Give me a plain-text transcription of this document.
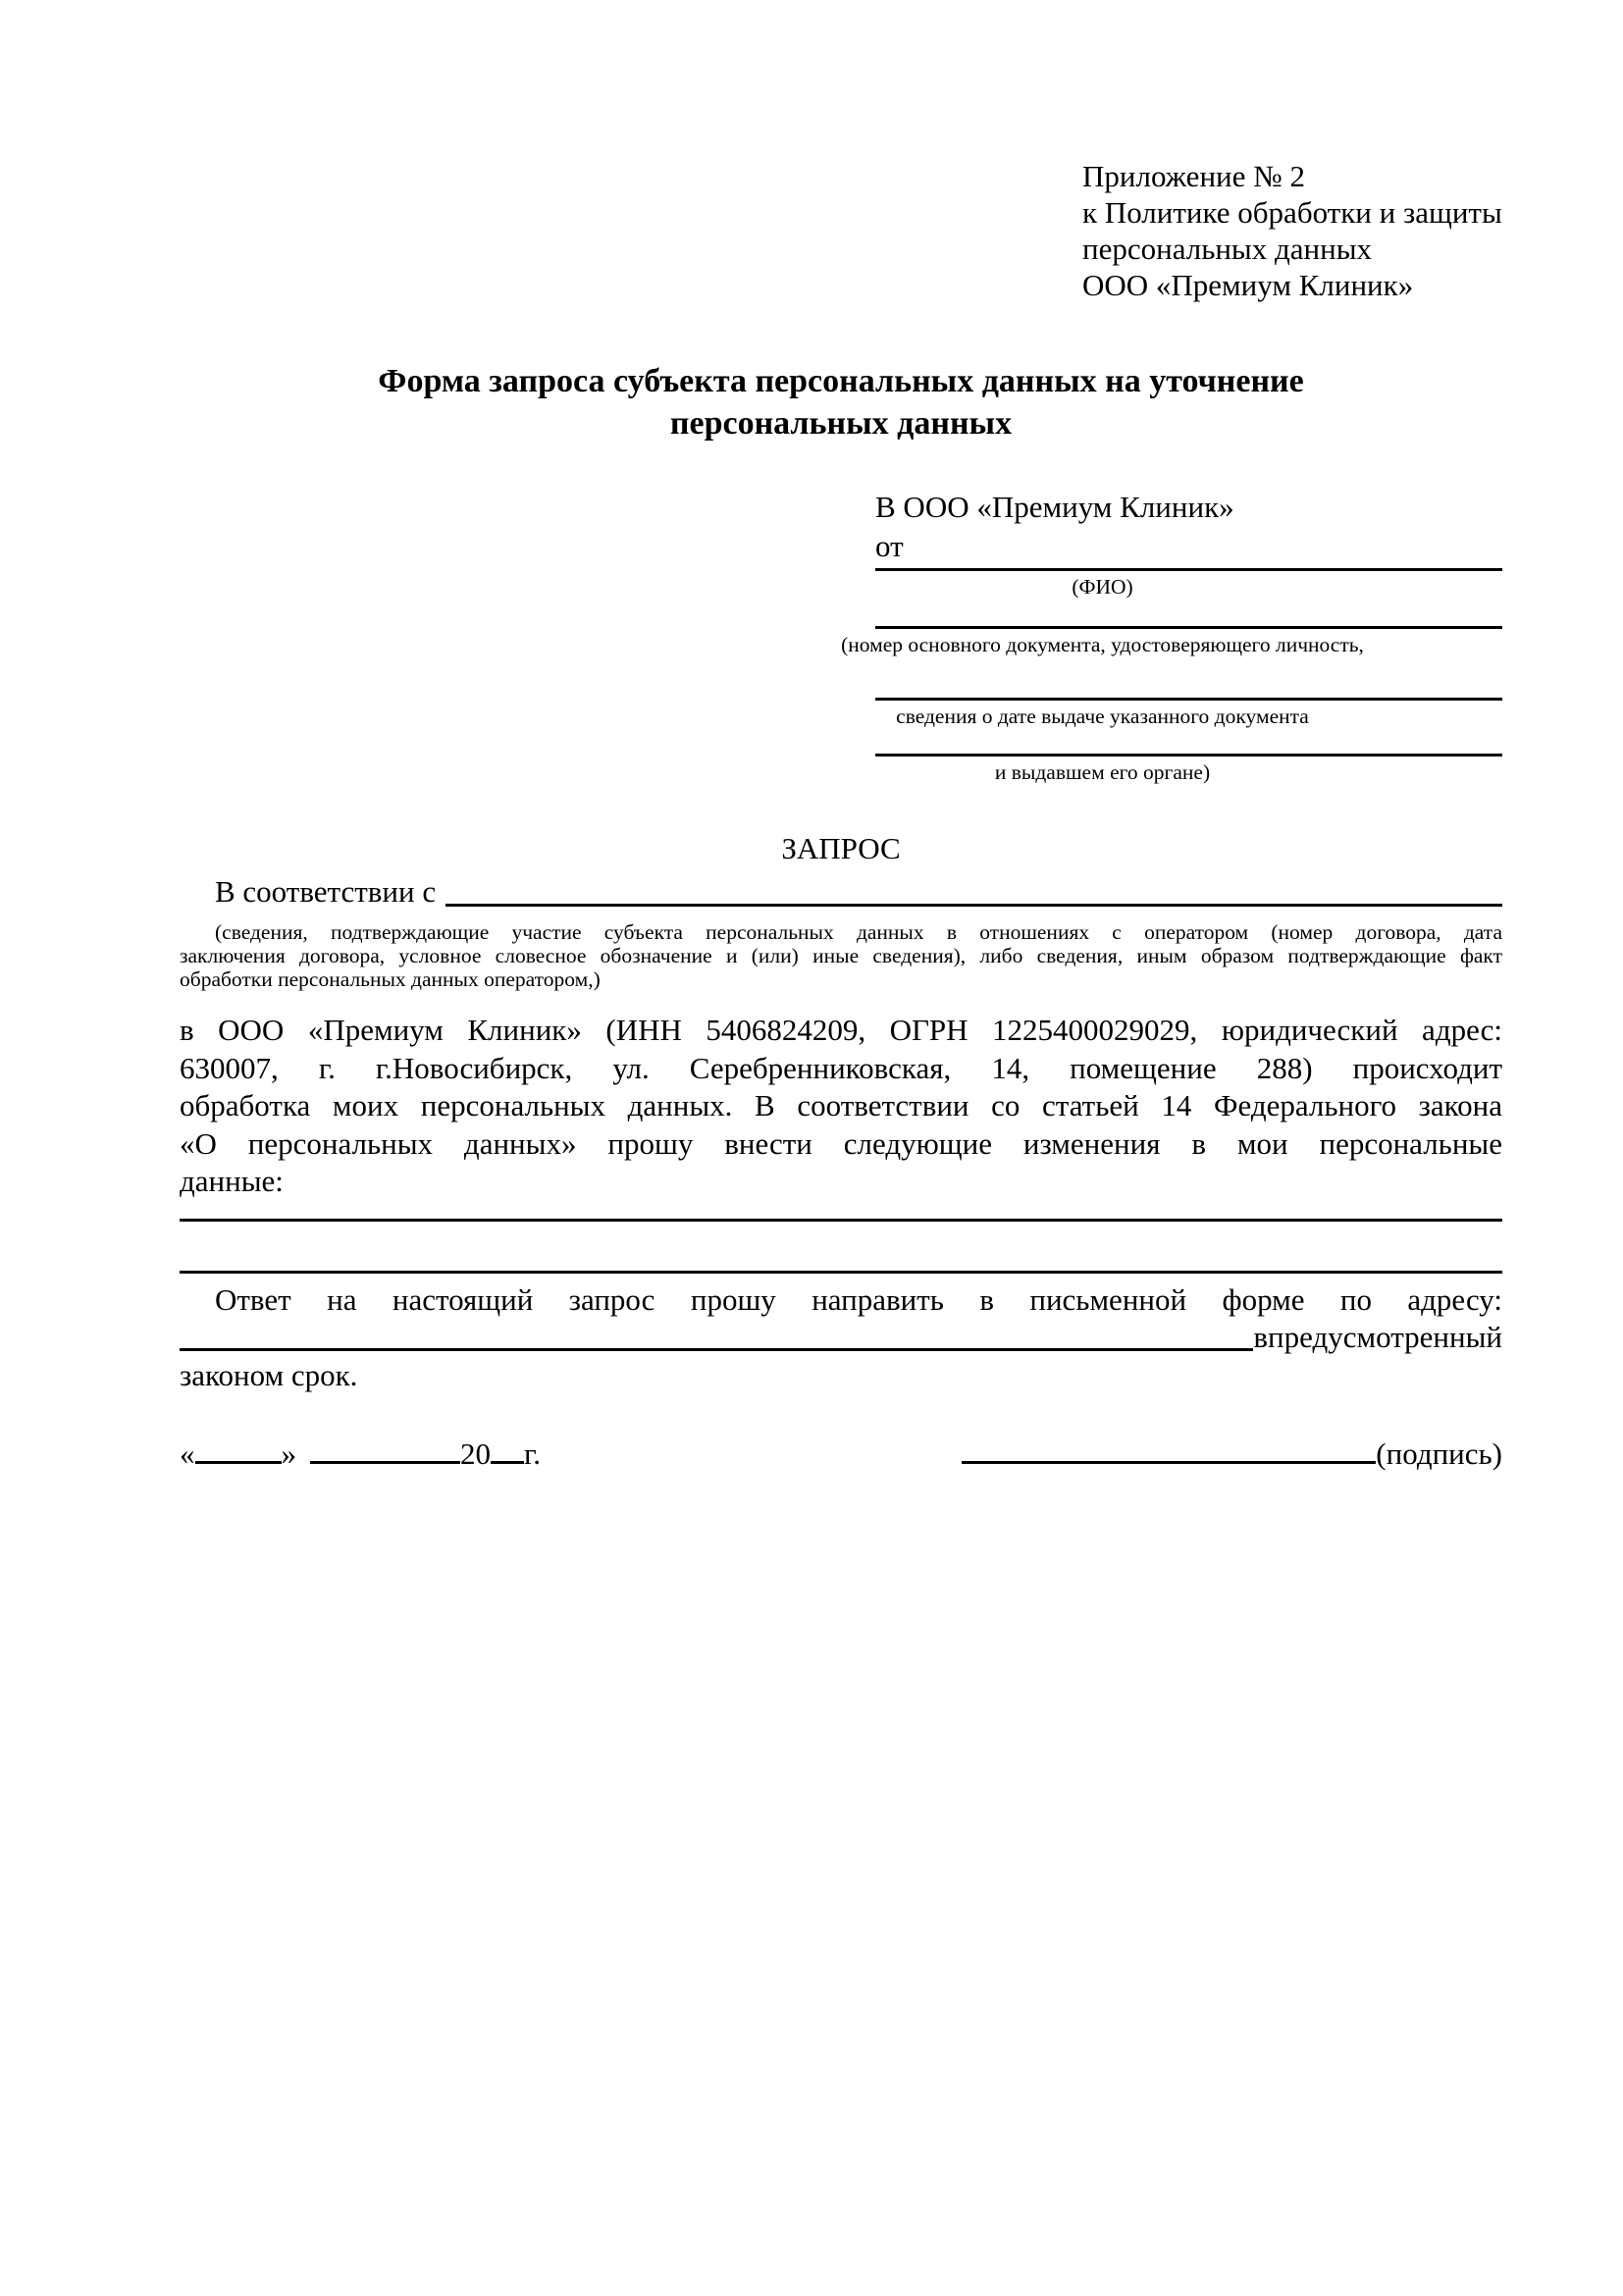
Приложение № 2
к Политике обработки и защиты
персональных данных
ООО «Премиум Клиник»
Форма запроса субъекта персональных данных на уточнение
персональных данных
В ООО «Премиум Клиник»
от
(ФИО)
(номер основного документа, удостоверяющего личность,
сведения о дате выдаче указанного документа
и выдавшем его органе)
ЗАПРОС
В соответствии с
(сведения, подтверждающие участие субъекта персональных данных в отношениях с оператором (номер договора, дата
заключения договора, условное словесное обозначение и (или) иные сведения), либо сведения, иным образом подтверждающие факт
обработки персональных данных оператором,)
в ООО «Премиум Клиник» (ИНН 5406824209, ОГРН 1225400029029, юридический адрес:
630007, г. г.Новосибирск, ул. Серебренниковская, 14, помещение 288) происходит
обработка моих персональных данных. В соответствии со статьей 14 Федерального закона
«О персональных данных» прошу внести следующие изменения в мои персональные
данные:
Ответ на настоящий запрос прошу направить в письменной форме по адресу:
в предусмотренный
законом срок.
«	»	20 г.	(подпись)
